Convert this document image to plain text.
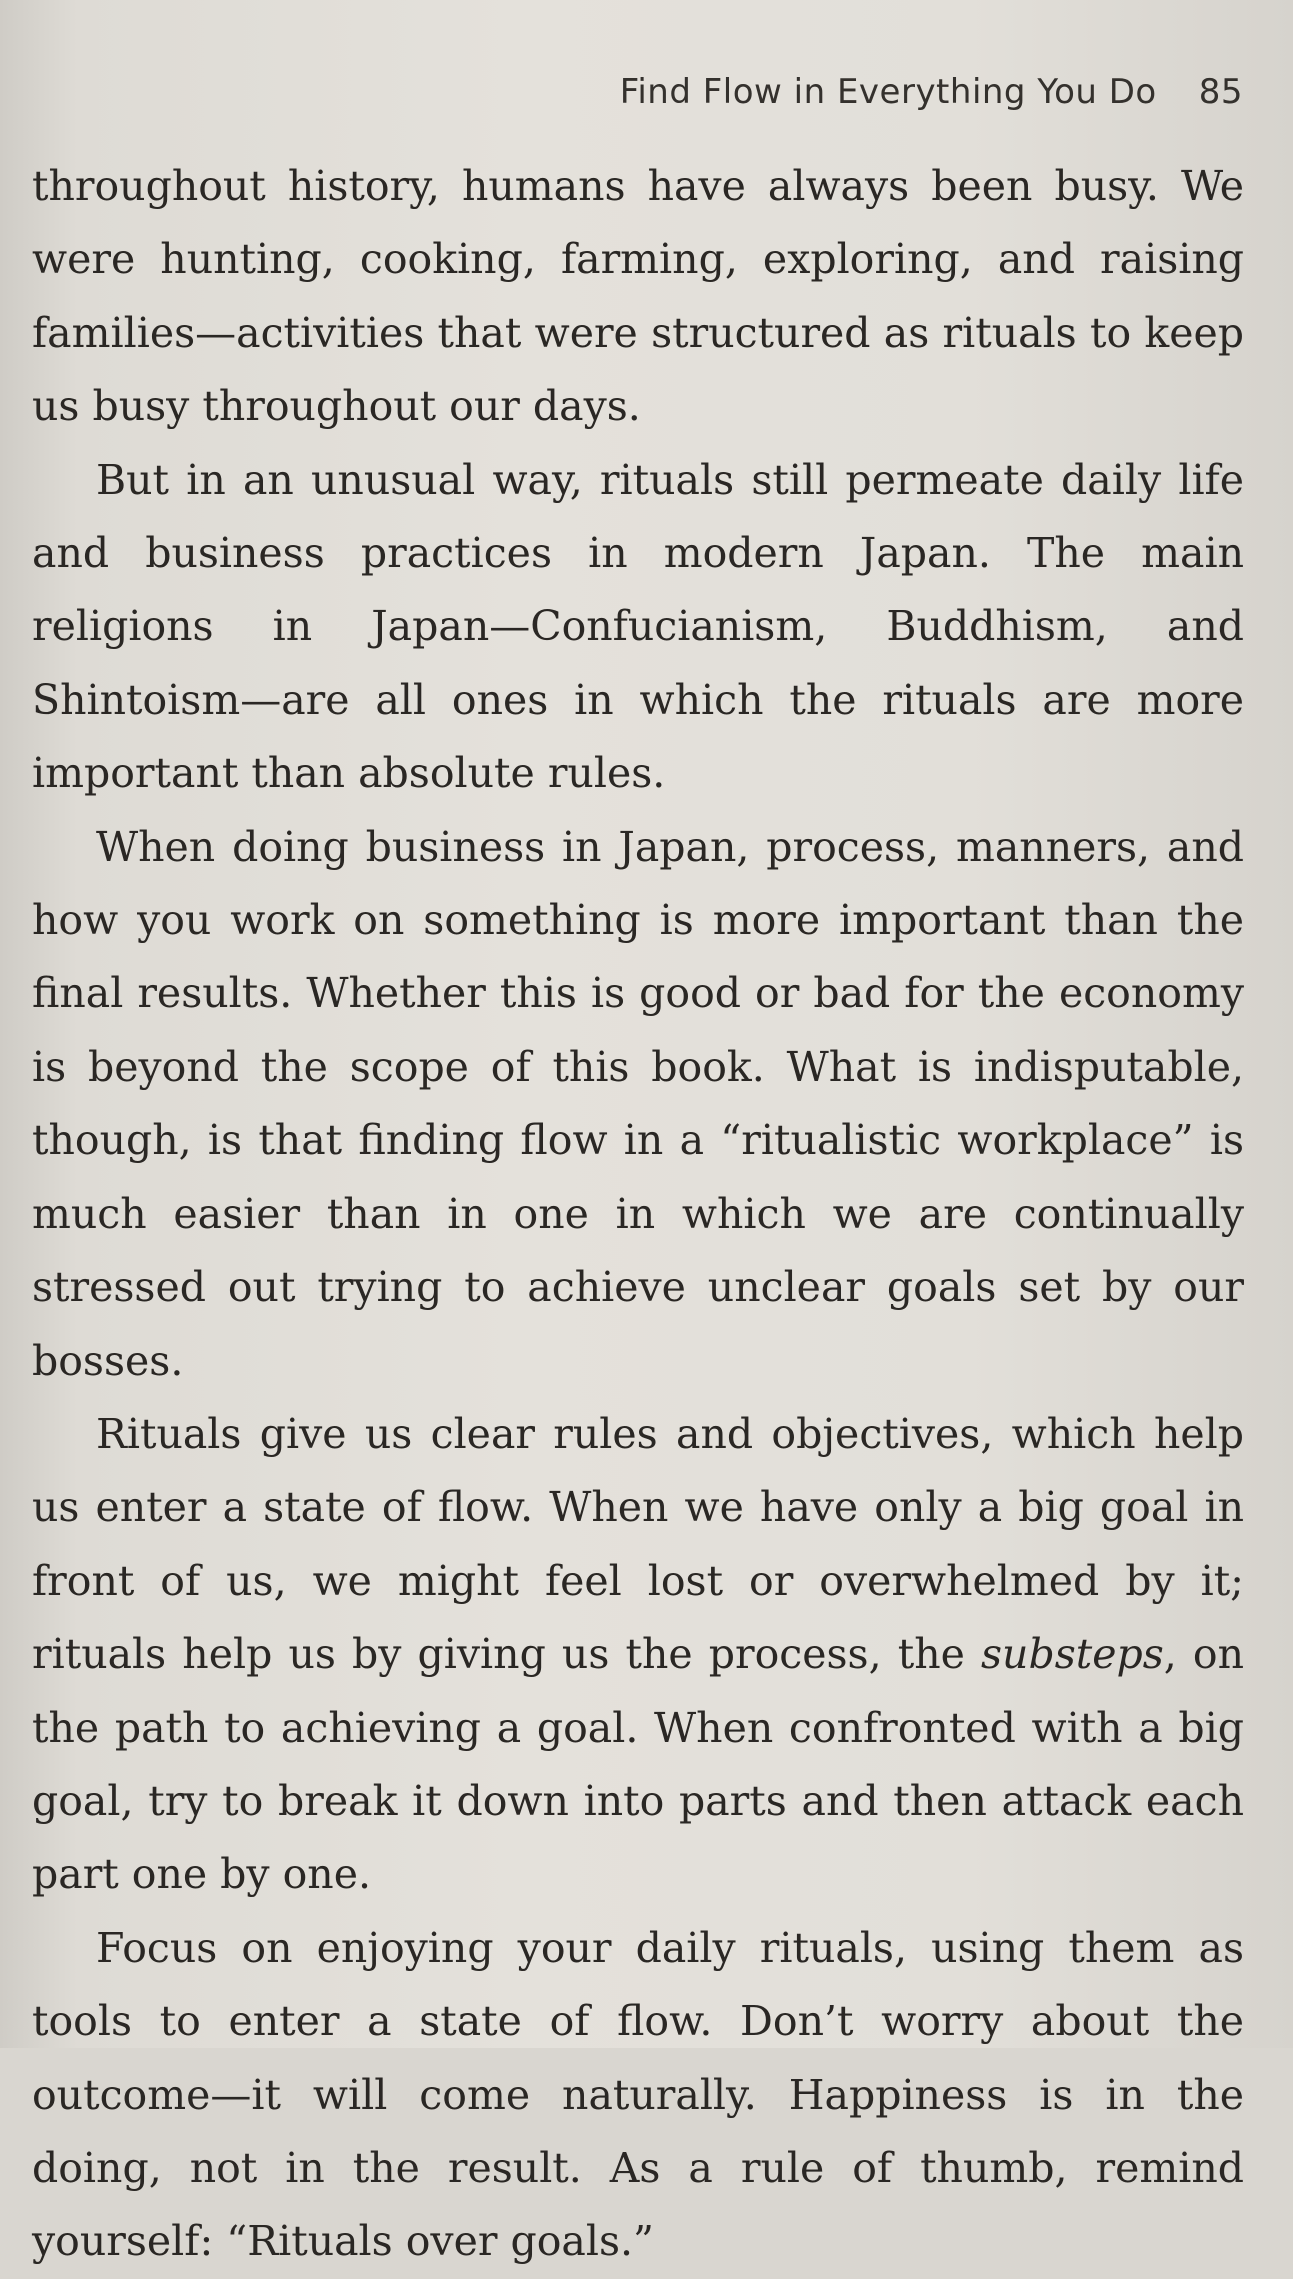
Find Flow in Everything You Do 85

throughout history, humans have always been busy. We were hunting, cooking, farming, exploring, and raising families—activities that were structured as rituals to keep us busy throughout our days.

But in an unusual way, rituals still permeate daily life and business practices in modern Japan. The main religions in Japan—Confucianism, Buddhism, and Shintoism—are all ones in which the rituals are more important than absolute rules.

When doing business in Japan, process, manners, and how you work on something is more important than the final results. Whether this is good or bad for the economy is beyond the scope of this book. What is indisputable, though, is that finding flow in a “ritualistic workplace” is much easier than in one in which we are continually stressed out trying to achieve unclear goals set by our bosses.

Rituals give us clear rules and objectives, which help us enter a state of flow. When we have only a big goal in front of us, we might feel lost or overwhelmed by it; rituals help us by giving us the process, the substeps, on the path to achieving a goal. When confronted with a big goal, try to break it down into parts and then attack each part one by one.

Focus on enjoying your daily rituals, using them as tools to enter a state of flow. Don’t worry about the outcome—it will come naturally. Happiness is in the doing, not in the result. As a rule of thumb, remind yourself: “Rituals over goals.”
